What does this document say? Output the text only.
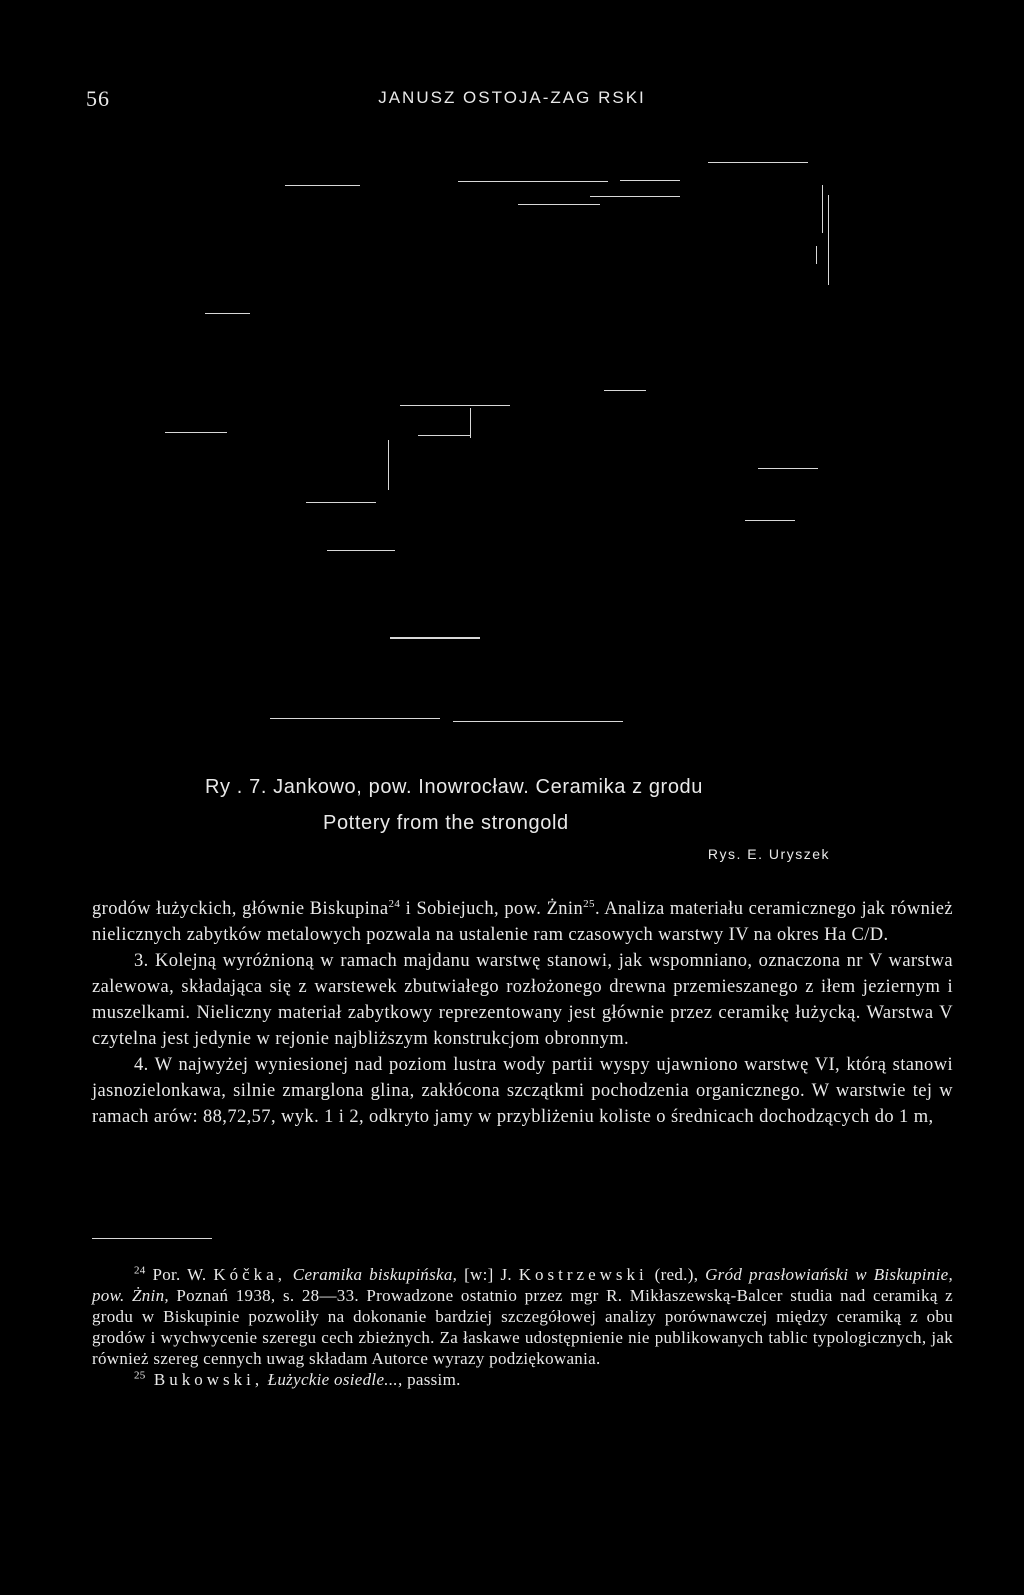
56	JANUSZ OSTOJA-ZAG RSKI
Ry . 7. Jankowo, pow. Inowrocław. Ceramika z grodu
Pottery from the strongold
Rys. E. Uryszek

grodów łużyckich, głównie Biskupina$^{24}$ i Sobiejuch, pow. Żnin$^{25}$. Analiza materiału ceramicznego jak również nielicznych zabytków metalowych pozwala na ustalenie ram czasowych warstwy IV na okres Ha C/D.

3. Kolejną wyróżnioną w ramach majdanu warstwę stanowi, jak wspomniano, oznaczona nr V warstwa zalewowa, składająca się z warstewek zbutwiałego rozłożonego drewna przemieszanego z iłem jeziernym i muszelkami. Nieliczny materiał zabytkowy reprezentowany jest głównie przez ceramikę łużycką. Warstwa V czytelna jest jedynie w rejonie najbliższym konstrukcjom obronnym.

4. W najwyżej wyniesionej nad poziom lustra wody partii wyspy ujawniono warstwę VI, którą stanowi jasnozielonkawa, silnie zmarglona glina, zakłócona szczątkmi pochodzenia organicznego. W warstwie tej w ramach arów: 88,72,57, wyk. 1 i 2, odkryto jamy w przybliżeniu koliste o średnicach dochodzących do 1 m,

$^{24}$ Por. W. Kóčka, Ceramika biskupińska, [w:] J. Kostrzewski (red.), Gród prasłowiański w Biskupinie, pow. Żnin, Poznań 1938, s. 28—33. Prowadzone ostatnio przez mgr R. Mikłaszewską-Balcer studia nad ceramiką z grodu w Biskupinie pozwoliły na dokonanie bardziej szczegółowej analizy porównawczej między ceramiką z obu grodów i wychwycenie szeregu cech zbieżnych. Za łaskawe udostępnienie nie publikowanych tablic typologicznych, jak również szereg cennych uwag składam Autorce wyrazy podziękowania.

$^{25}$ Bukowski, Łużyckie osiedle..., passim.
